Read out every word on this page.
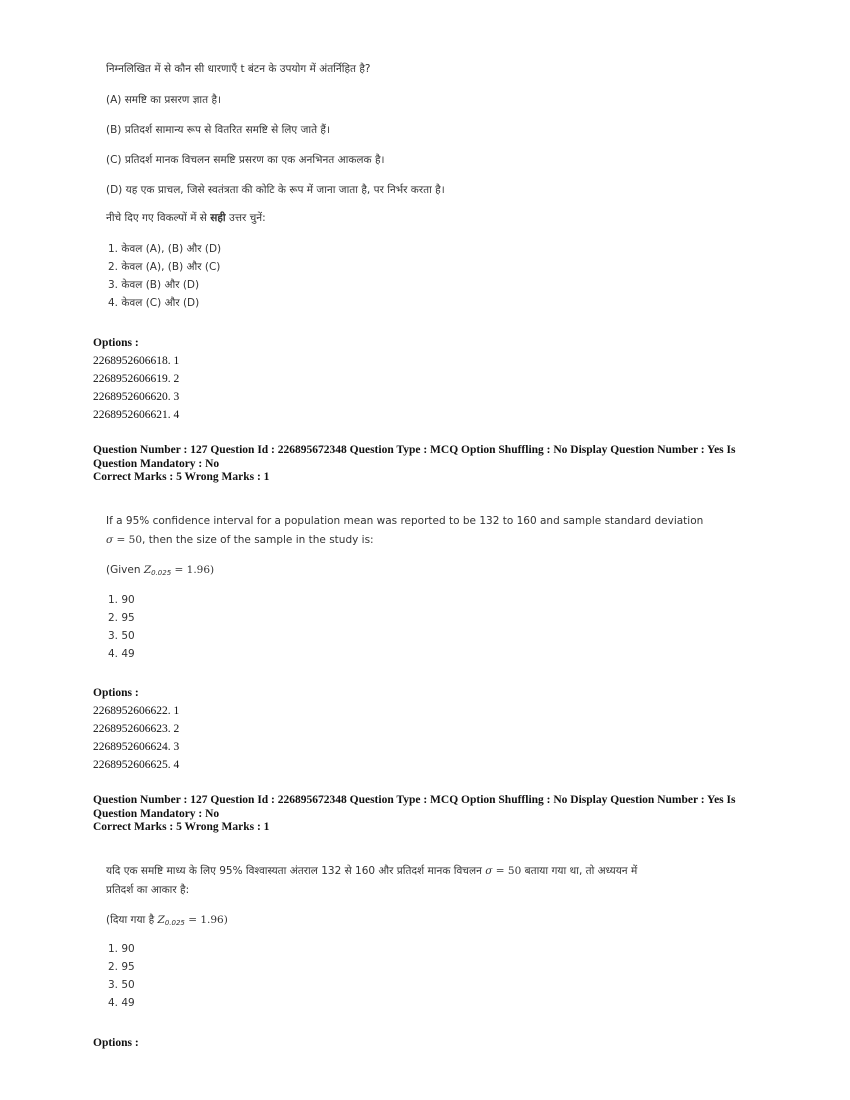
निम्नलिखित में से कौन सी धारणाएँ t बंटन के उपयोग में अंतर्निहित है?

(A) समष्टि का प्रसरण ज्ञात है।

(B) प्रतिदर्श सामान्य रूप से वितरित समष्टि से लिए जाते हैं।

(C) प्रतिदर्श मानक विचलन समष्टि प्रसरण का एक अनभिनत आकलक है।

(D) यह एक प्राचल, जिसे स्वतंत्रता की कोटि के रूप में जाना जाता है, पर निर्भर करता है।

नीचे दिए गए विकल्पों में से सही उत्तर चुनें:

1. केवल (A), (B) और (D)
2. केवल (A), (B) और (C)
3. केवल (B) और (D)
4. केवल (C) और (D)
Options :
2268952606618. 1
2268952606619. 2
2268952606620. 3
2268952606621. 4
Question Number : 127 Question Id : 226895672348 Question Type : MCQ Option Shuffling : No Display Question Number : Yes Is
Question Mandatory : No
Correct Marks : 5 Wrong Marks : 1

If a 95% confidence interval for a population mean was reported to be 132 to 160 and sample standard deviation

σ = 50, then the size of the sample in the study is:

(Given $Z_{0.025} = 1.96$)

1. 90
2. 95
3. 50
4. 49
Options :
2268952606622. 1
2268952606623. 2
2268952606624. 3
2268952606625. 4
Question Number : 127 Question Id : 226895672348 Question Type : MCQ Option Shuffling : No Display Question Number : Yes Is
Question Mandatory : No
Correct Marks : 5 Wrong Marks : 1

यदि एक समष्टि माध्य के लिए 95% विश्वास्यता अंतराल 132 से 160 और प्रतिदर्श मानक विचलन σ = 50 बताया गया था, तो अध्ययन में

प्रतिदर्श का आकार है:

(दिया गया है $Z_{0.025} = 1.96$)

1. 90
2. 95
3. 50
4. 49
Options :
